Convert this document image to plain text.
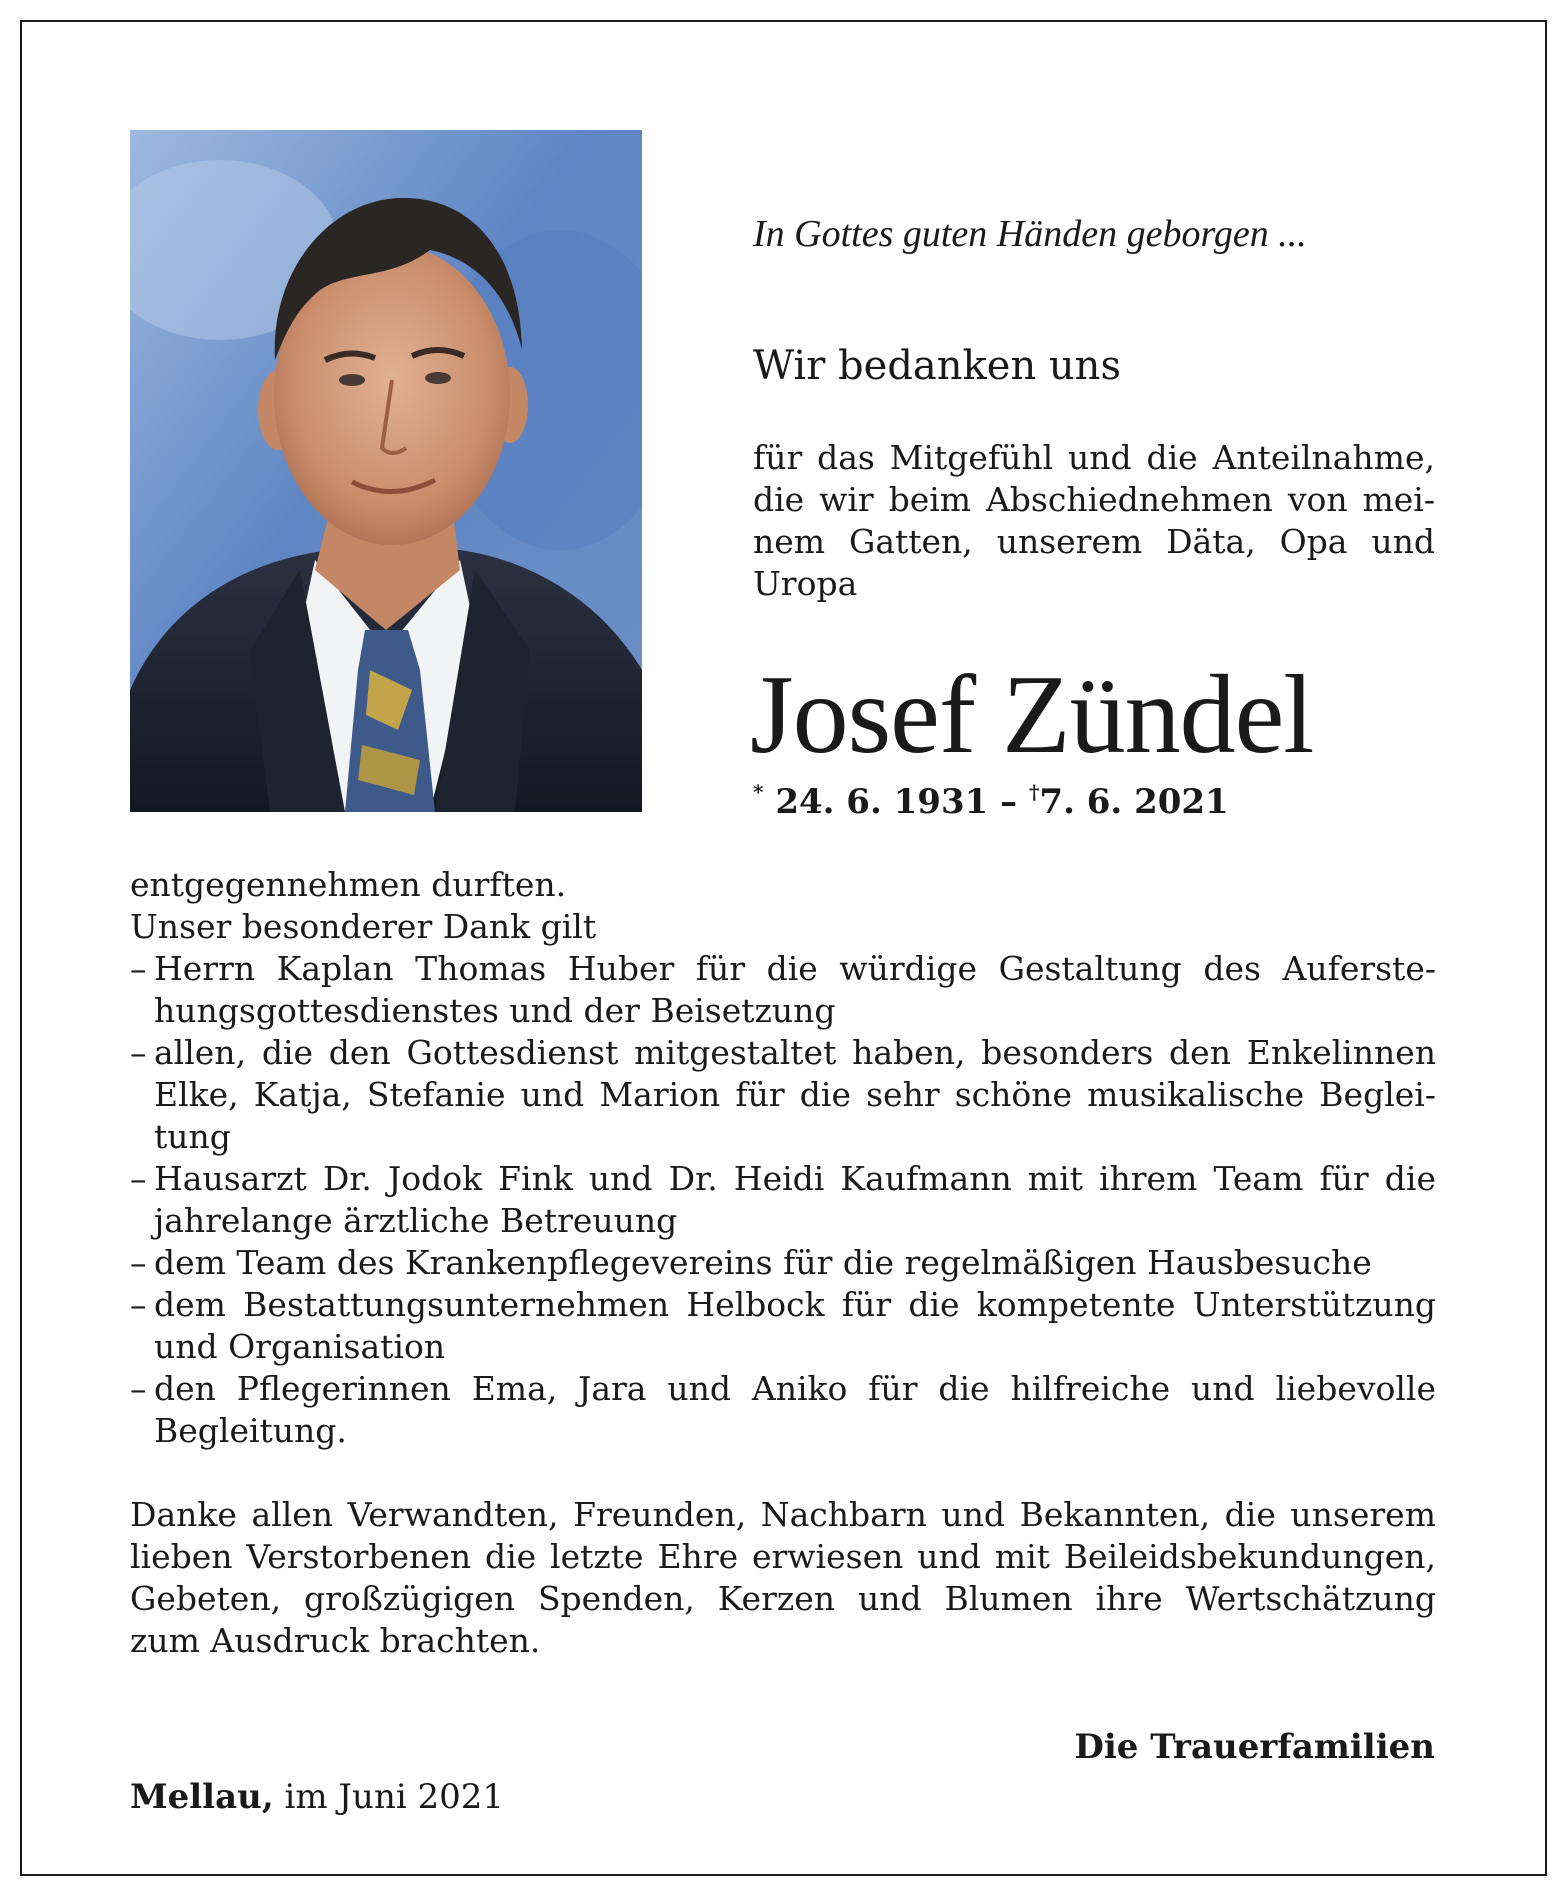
In Gottes guten Händen geborgen ...
Wir bedanken uns
für das Mitgefühl und die Anteilnahme,
die wir beim Abschiednehmen von mei-
nem Gatten, unserem Däta, Opa und
Uropa
Josef Zündel
* 24. 6. 1931 – †7. 6. 2021

entgegennehmen durften.

Unser besonderer Dank gilt

– Herrn Kaplan Thomas Huber für die würdige Gestaltung des Auferste-
hungsgottesdienstes und der Beisetzung
– allen, die den Gottesdienst mitgestaltet haben, besonders den Enkelinnen
Elke, Katja, Stefanie und Marion für die sehr schöne musikalische Beglei-
tung
– Hausarzt Dr. Jodok Fink und Dr. Heidi Kaufmann mit ihrem Team für die
jahrelange ärztliche Betreuung
– dem Team des Krankenpflegevereins für die regelmäßigen Hausbesuche
– dem Bestattungsunternehmen Helbock für die kompetente Unterstützung
und Organisation
– den Pflegerinnen Ema, Jara und Aniko für die hilfreiche und liebevolle
Begleitung.

Danke allen Verwandten, Freunden, Nachbarn und Bekannten, die unserem
lieben Verstorbenen die letzte Ehre erwiesen und mit Beileidsbekundungen,
Gebeten, großzügigen Spenden, Kerzen und Blumen ihre Wertschätzung
zum Ausdruck brachten.

Die Trauerfamilien
Mellau, im Juni 2021
